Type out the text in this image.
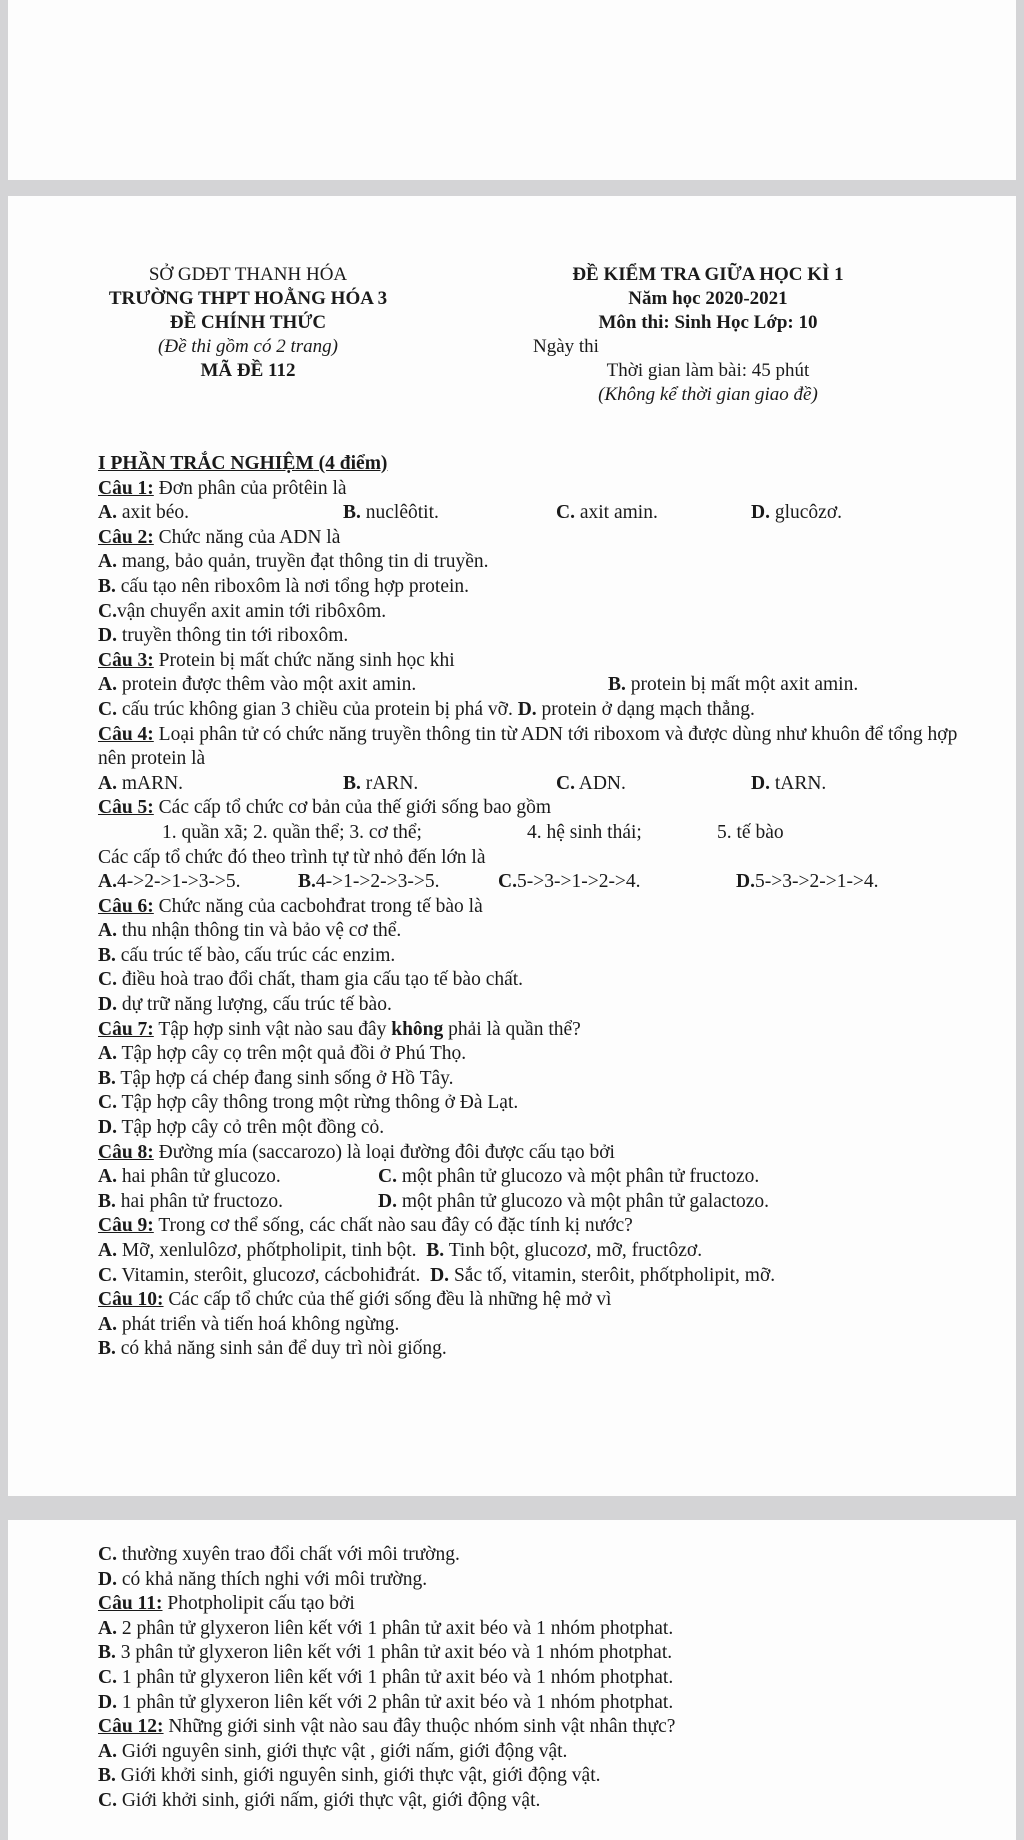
SỞ GDĐT THANH HÓA
TRƯỜNG THPT HOẰNG HÓA 3
ĐỀ CHÍNH THỨC
(Đề thi gồm có 2 trang)
MÃ ĐỀ 112
ĐỀ KIỂM TRA GIỮA HỌC KÌ 1
Năm học 2020-2021
Môn thi: Sinh Học Lớp: 10
Ngày thi
Thời gian làm bài: 45 phút
(Không kể thời gian giao đề)
I PHẦN TRẮC NGHIỆM (4 điểm)
Câu 1: Đơn phân của prôtêin là
A. axit béo.	B. nuclêôtit.	C. axit amin.	D. glucôzơ.
Câu 2: Chức năng của ADN là
A. mang, bảo quản, truyền đạt thông tin di truyền.
B. cấu tạo nên riboxôm là nơi tổng hợp protein.
C.vận chuyển axit amin tới ribôxôm.
D. truyền thông tin tới riboxôm.
Câu 3: Protein bị mất chức năng sinh học khi
A. protein được thêm vào một axit amin.	B. protein bị mất một axit amin.
C. cấu trúc không gian 3 chiều của protein bị phá vỡ. D. protein ở dạng mạch thẳng.
Câu 4: Loại phân tử có chức năng truyền thông tin từ ADN tới riboxom và được dùng như khuôn để tổng hợp nên protein là
A. mARN.	B. rARN.	C. ADN.	D. tARN.
Câu 5: Các cấp tổ chức cơ bản của thế giới sống bao gồm
1. quần xã; 2. quần thể; 3. cơ thể;	4. hệ sinh thái;	5. tế bào
Các cấp tổ chức đó theo trình tự từ nhỏ đến lớn là
A.4->2->1->3->5.	B.4->1->2->3->5.	C.5->3->1->2->4.	D.5->3->2->1->4.
Câu 6: Chức năng của cacbohđrat trong tế bào là
A. thu nhận thông tin và bảo vệ cơ thể.
B. cấu trúc tế bào, cấu trúc các enzim.
C. điều hoà trao đổi chất, tham gia cấu tạo tế bào chất.
D. dự trữ năng lượng, cấu trúc tế bào.
Câu 7: Tập hợp sinh vật nào sau đây không phải là quần thể?
A. Tập hợp cây cọ trên một quả đồi ở Phú Thọ.
B. Tập hợp cá chép đang sinh sống ở Hồ Tây.
C. Tập hợp cây thông trong một rừng thông ở Đà Lạt.
D. Tập hợp cây cỏ trên một đồng cỏ.
Câu 8: Đường mía (saccarozo) là loại đường đôi được cấu tạo bởi
A. hai phân tử glucozo.	C. một phân tử glucozo và một phân tử fructozo.
B. hai phân tử fructozo.	D. một phân tử glucozo và một phân tử galactozo.
Câu 9: Trong cơ thể sống, các chất nào sau đây có đặc tính kị nước?
A. Mỡ, xenlulôzơ, phốtpholipit, tinh bột. B. Tinh bột, glucozơ, mỡ, fructôzơ.
C. Vitamin, sterôit, glucozơ, cácbohiđrát. D. Sắc tố, vitamin, sterôit, phốtpholipit, mỡ.
Câu 10: Các cấp tổ chức của thế giới sống đều là những hệ mở vì
A. phát triển và tiến hoá không ngừng.
B. có khả năng sinh sản để duy trì nòi giống.
C. thường xuyên trao đổi chất với môi trường.
D. có khả năng thích nghi với môi trường.
Câu 11: Photpholipit cấu tạo bởi
A. 2 phân tử glyxeron liên kết với 1 phân tử axit béo và 1 nhóm photphat.
B. 3 phân tử glyxeron liên kết với 1 phân tử axit béo và 1 nhóm photphat.
C. 1 phân tử glyxeron liên kết với 1 phân tử axit béo và 1 nhóm photphat.
D. 1 phân tử glyxeron liên kết với 2 phân tử axit béo và 1 nhóm photphat.
Câu 12: Những giới sinh vật nào sau đây thuộc nhóm sinh vật nhân thực?
A. Giới nguyên sinh, giới thực vật , giới nấm, giới động vật.
B. Giới khởi sinh, giới nguyên sinh, giới thực vật, giới động vật.
C. Giới khởi sinh, giới nấm, giới thực vật, giới động vật.
